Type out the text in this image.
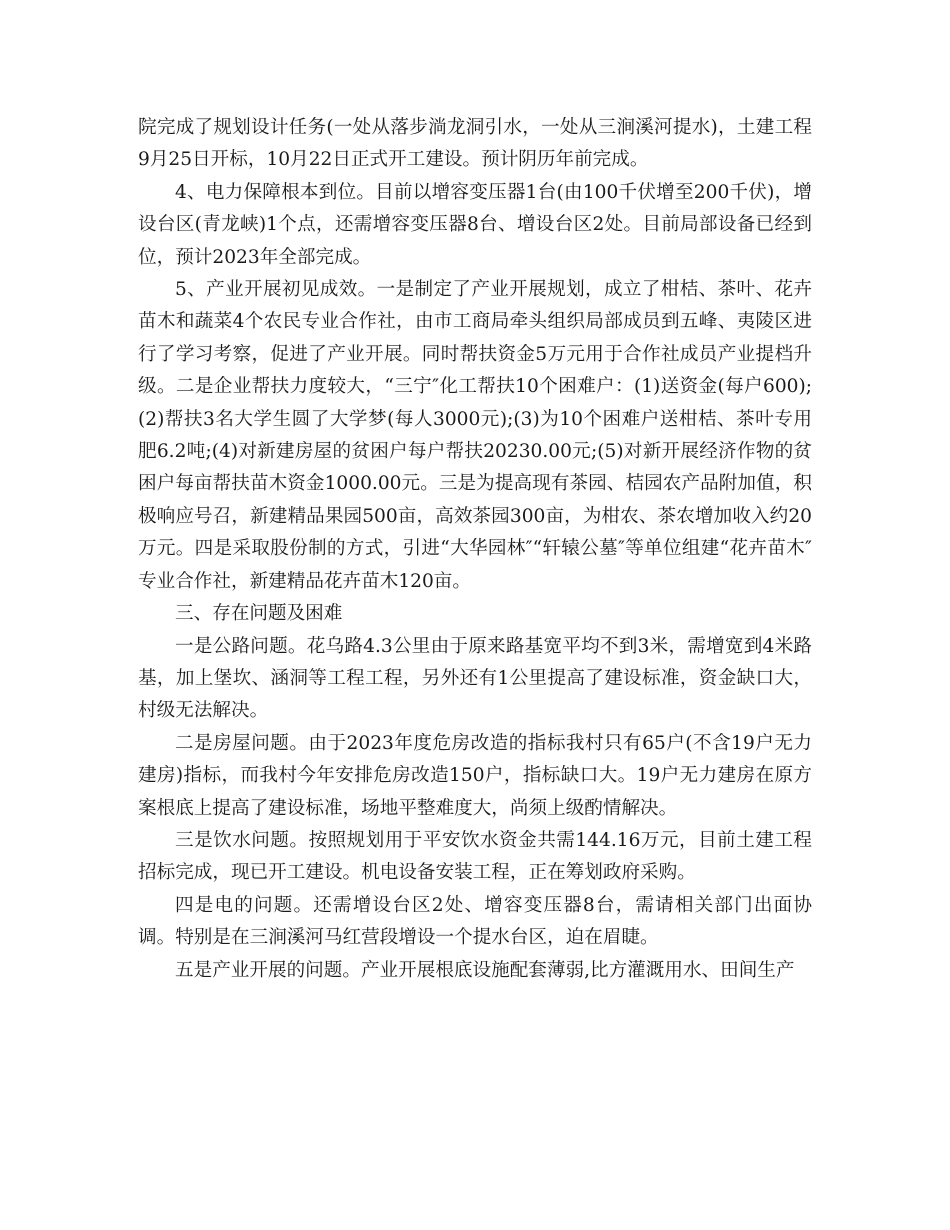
院完成了规划设计任务(一处从落步淌龙洞引水，一处从三涧溪河提水)，土建工程9月25日开标，10月22日正式开工建设。预计阴历年前完成。

4、电力保障根本到位。目前以增容变压器1台(由100千伏增至200千伏)，增设台区(青龙峡)1个点，还需增容变压器8台、增设台区2处。目前局部设备已经到位，预计2023年全部完成。

5、产业开展初见成效。一是制定了产业开展规划，成立了柑桔、茶叶、花卉苗木和蔬菜4个农民专业合作社，由市工商局牵头组织局部成员到五峰、夷陵区进行了学习考察，促进了产业开展。同时帮扶资金5万元用于合作社成员产业提档升级。二是企业帮扶力度较大，“三宁″化工帮扶10个困难户：(1)送资金(每户600);(2)帮扶3名大学生圆了大学梦(每人3000元);(3)为10个困难户送柑桔、茶叶专用肥6.2吨;(4)对新建房屋的贫困户每户帮扶20230.00元;(5)对新开展经济作物的贫困户每亩帮扶苗木资金1000.00元。三是为提高现有茶园、桔园农产品附加值，积极响应号召，新建精品果园500亩，高效茶园300亩，为柑农、茶农增加收入约20万元。四是采取股份制的方式，引进“大华园林″“轩辕公墓″等单位组建“花卉苗木″专业合作社，新建精品花卉苗木120亩。

三、存在问题及困难

一是公路问题。花乌路4.3公里由于原来路基宽平均不到3米，需增宽到4米路基，加上堡坎、涵洞等工程工程，另外还有1公里提高了建设标准，资金缺口大，村级无法解决。

二是房屋问题。由于2023年度危房改造的指标我村只有65户(不含19户无力建房)指标，而我村今年安排危房改造150户，指标缺口大。19户无力建房在原方案根底上提高了建设标准，场地平整难度大，尚须上级酌情解决。

三是饮水问题。按照规划用于平安饮水资金共需144.16万元，目前土建工程招标完成，现已开工建设。机电设备安装工程，正在筹划政府采购。

四是电的问题。还需增设台区2处、增容变压器8台，需请相关部门出面协调。特别是在三涧溪河马红营段增设一个提水台区，迫在眉睫。

五是产业开展的问题。产业开展根底设施配套薄弱,比方灌溉用水、田间生产
